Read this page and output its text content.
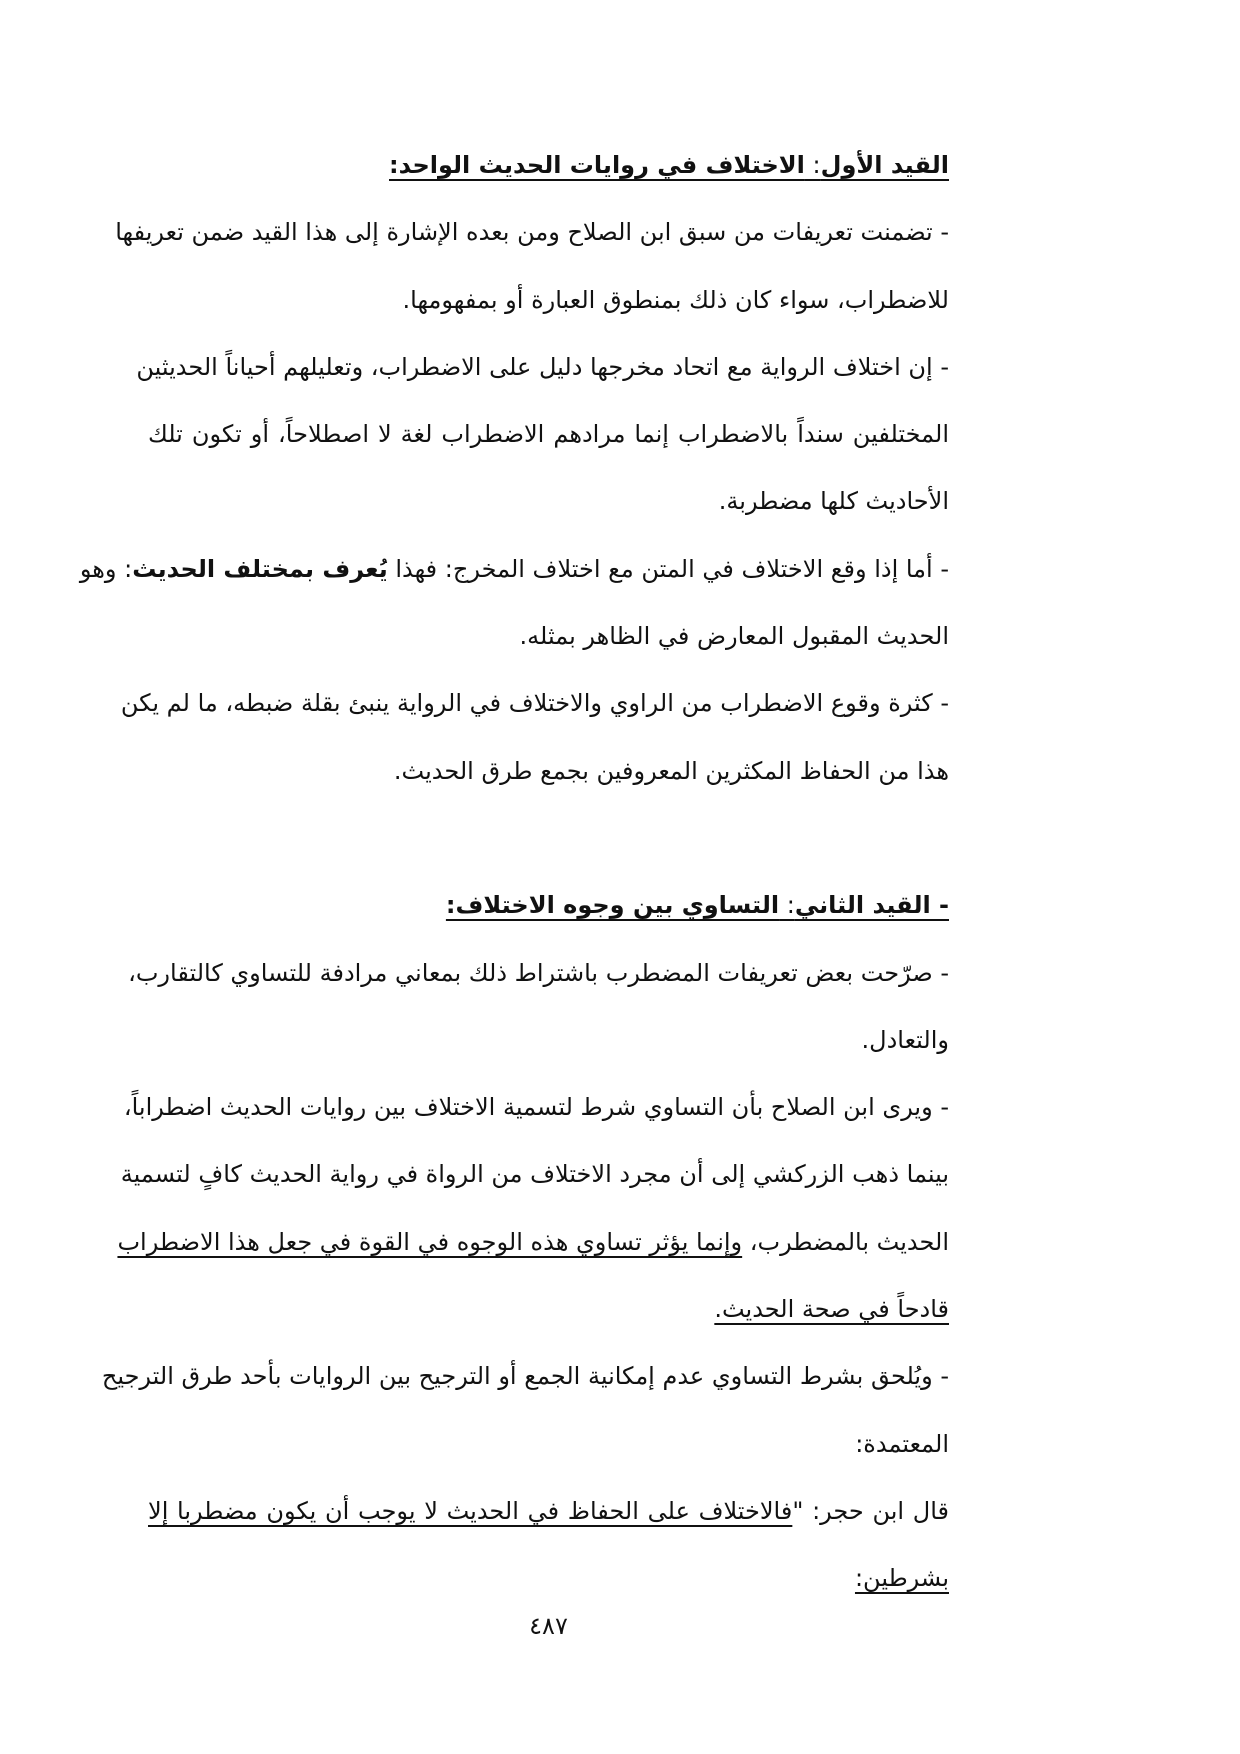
القيد الأول: الاختلاف في روايات الحديث الواحد:
- تضمنت تعريفات من سبق ابن الصلاح ومن بعده الإشارة إلى هذا القيد ضمن تعريفها
للاضطراب، سواء كان ذلك بمنطوق العبارة أو بمفهومها.
- إن اختلاف الرواية مع اتحاد مخرجها دليل على الاضطراب، وتعليلهم أحياناً الحديثين
المختلفين سنداً بالاضطراب إنما مرادهم الاضطراب لغة لا اصطلاحاً، أو تكون تلك
الأحاديث كلها مضطربة.
- أما إذا وقع الاختلاف في المتن مع اختلاف المخرج: فهذا يُعرف بمختلف الحديث: وهو
الحديث المقبول المعارض في الظاهر بمثله.
- كثرة وقوع الاضطراب من الراوي والاختلاف في الرواية ينبئ بقلة ضبطه، ما لم يكن
هذا من الحفاظ المكثرين المعروفين بجمع طرق الحديث.
- القيد الثاني: التساوي بين وجوه الاختلاف:
- صرّحت بعض تعريفات المضطرب باشتراط ذلك بمعاني مرادفة للتساوي كالتقارب،
والتعادل.
- ويرى ابن الصلاح بأن التساوي شرط لتسمية الاختلاف بين روايات الحديث اضطراباً،
بينما ذهب الزركشي إلى أن مجرد الاختلاف من الرواة في رواية الحديث كافٍ لتسمية
الحديث بالمضطرب، وإنما يؤثر تساوي هذه الوجوه في القوة في جعل هذا الاضطراب
قادحاً في صحة الحديث.
- ويُلحق بشرط التساوي عدم إمكانية الجمع أو الترجيح بين الروايات بأحد طرق الترجيح
المعتمدة:
قال ابن حجر: "فالاختلاف على الحفاظ في الحديث لا يوجب أن يكون مضطربا إلا
بشرطين:
٤٨٧
